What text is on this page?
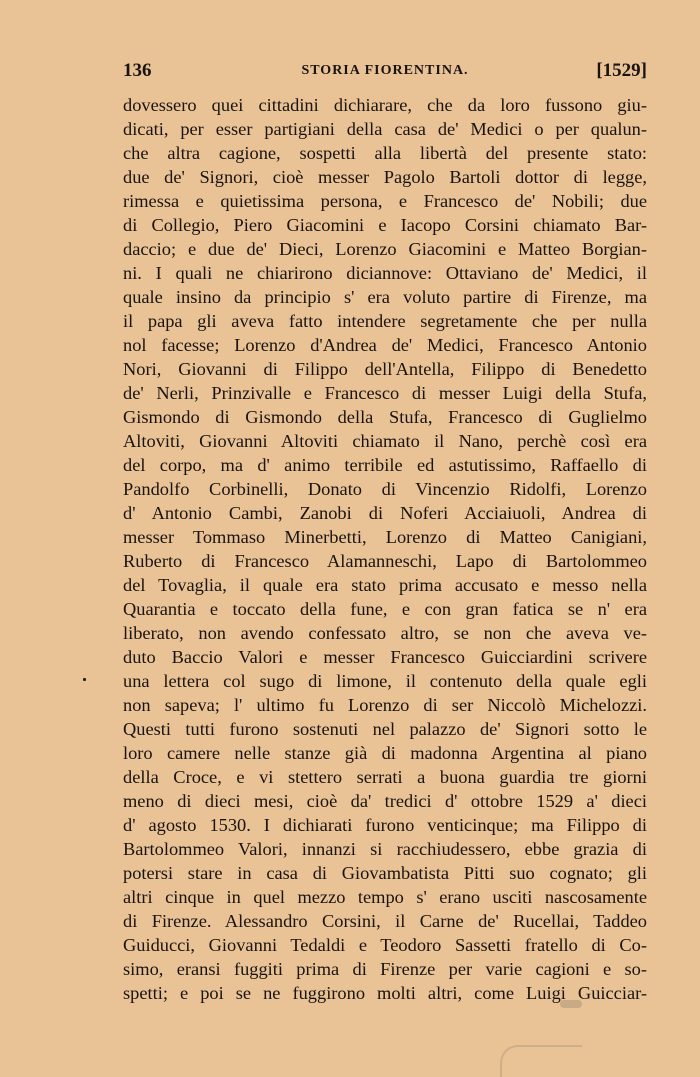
136	STORIA FIORENTINA.	[1529]
dovessero quei cittadini dichiarare, che da loro fussono giu-
dicati, per esser partigiani della casa de' Medici o per qualun-
che altra cagione, sospetti alla libertà del presente stato:
due de' Signori, cioè messer Pagolo Bartoli dottor di legge,
rimessa e quietissima persona, e Francesco de' Nobili; due
di Collegio, Piero Giacomini e Iacopo Corsini chiamato Bar-
daccio; e due de' Dieci, Lorenzo Giacomini e Matteo Borgian-
ni. I quali ne chiarirono diciannove: Ottaviano de' Medici, il
quale insino da principio s' era voluto partire di Firenze, ma
il papa gli aveva fatto intendere segretamente che per nulla
nol facesse; Lorenzo d'Andrea de' Medici, Francesco Antonio
Nori, Giovanni di Filippo dell'Antella, Filippo di Benedetto
de' Nerli, Prinzivalle e Francesco di messer Luigi della Stufa,
Gismondo di Gismondo della Stufa, Francesco di Guglielmo
Altoviti, Giovanni Altoviti chiamato il Nano, perchè così era
del corpo, ma d' animo terribile ed astutissimo, Raffaello di
Pandolfo Corbinelli, Donato di Vincenzio Ridolfi, Lorenzo
d' Antonio Cambi, Zanobi di Noferi Acciaiuoli, Andrea di
messer Tommaso Minerbetti, Lorenzo di Matteo Canigiani,
Ruberto di Francesco Alamanneschi, Lapo di Bartolommeo
del Tovaglia, il quale era stato prima accusato e messo nella
Quarantia e toccato della fune, e con gran fatica se n' era
liberato, non avendo confessato altro, se non che aveva ve-
duto Baccio Valori e messer Francesco Guicciardini scrivere
una lettera col sugo di limone, il contenuto della quale egli
non sapeva; l' ultimo fu Lorenzo di ser Niccolò Michelozzi.
Questi tutti furono sostenuti nel palazzo de' Signori sotto le
loro camere nelle stanze già di madonna Argentina al piano
della Croce, e vi stettero serrati a buona guardia tre giorni
meno di dieci mesi, cioè da' tredici d' ottobre 1529 a' dieci
d' agosto 1530. I dichiarati furono venticinque; ma Filippo di
Bartolommeo Valori, innanzi si racchiudessero, ebbe grazia di
potersi stare in casa di Giovambatista Pitti suo cognato; gli
altri cinque in quel mezzo tempo s' erano usciti nascosamente
di Firenze. Alessandro Corsini, il Carne de' Rucellai, Taddeo
Guiducci, Giovanni Tedaldi e Teodoro Sassetti fratello di Co-
simo, eransi fuggiti prima di Firenze per varie cagioni e so-
spetti; e poi se ne fuggirono molti altri, come Luigi Guicciar-
